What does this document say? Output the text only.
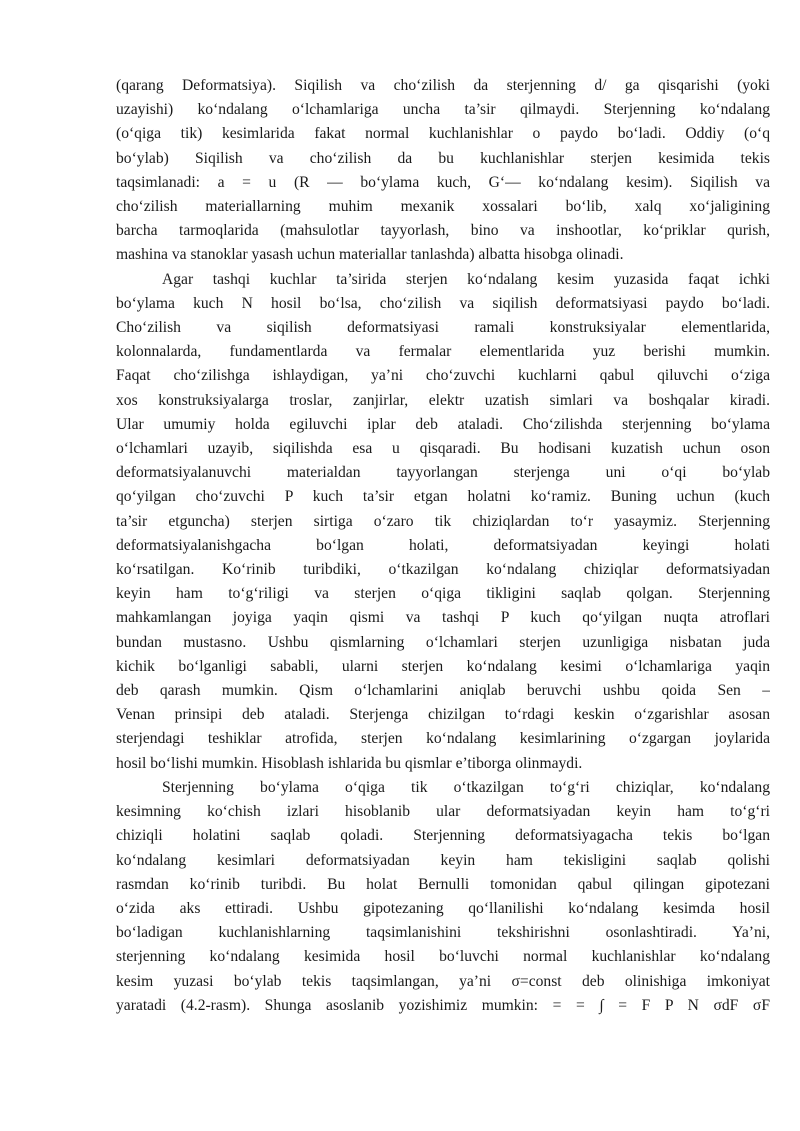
(qarang Deformatsiya). Siqilish va cho‘zilish da sterjenning d/ ga qisqarishi (yoki
uzayishi) ko‘ndalang o‘lchamlariga uncha ta’sir qilmaydi. Sterjenning ko‘ndalang
(o‘qiga tik) kesimlarida fakat normal kuchlanishlar o paydo bo‘ladi. Oddiy (o‘q
bo‘ylab) Siqilish va cho‘zilish da bu kuchlanishlar sterjen kesimida tekis
taqsimlanadi: a = u (R — bo‘ylama kuch, G‘— ko‘ndalang kesim). Siqilish va
cho‘zilish materiallarning muhim mexanik xossalari bo‘lib, xalq xo‘jaligining
barcha tarmoqlarida (mahsulotlar tayyorlash, bino va inshootlar, ko‘priklar qurish,
mashina va stanoklar yasash uchun materiallar tanlashda) albatta hisobga olinadi.
Agar tashqi kuchlar ta’sirida sterjen ko‘ndalang kesim yuzasida faqat ichki
bo‘ylama kuch N hosil bo‘lsa, cho‘zilish va siqilish deformatsiyasi paydo bo‘ladi.
Cho‘zilish va siqilish deformatsiyasi ramali konstruksiyalar elementlarida,
kolonnalarda, fundamentlarda va fermalar elementlarida yuz berishi mumkin.
Faqat cho‘zilishga ishlaydigan, ya’ni cho‘zuvchi kuchlarni qabul qiluvchi o‘ziga
xos konstruksiyalarga troslar, zanjirlar, elektr uzatish simlari va boshqalar kiradi.
Ular umumiy holda egiluvchi iplar deb ataladi. Cho‘zilishda sterjenning bo‘ylama
o‘lchamlari uzayib, siqilishda esa u qisqaradi. Bu hodisani kuzatish uchun oson
deformatsiyalanuvchi materialdan tayyorlangan sterjenga uni o‘qi bo‘ylab
qo‘yilgan cho‘zuvchi P kuch ta’sir etgan holatni ko‘ramiz. Buning uchun (kuch
ta’sir etguncha) sterjen sirtiga o‘zaro tik chiziqlardan to‘r yasaymiz. Sterjenning
deformatsiyalanishgacha bo‘lgan holati, deformatsiyadan keyingi holati
ko‘rsatilgan. Ko‘rinib turibdiki, o‘tkazilgan ko‘ndalang chiziqlar deformatsiyadan
keyin ham to‘g‘riligi va sterjen o‘qiga tikligini saqlab qolgan. Sterjenning
mahkamlangan joyiga yaqin qismi va tashqi P kuch qo‘yilgan nuqta atroflari
bundan mustasno. Ushbu qismlarning o‘lchamlari sterjen uzunligiga nisbatan juda
kichik bo‘lganligi sababli, ularni sterjen ko‘ndalang kesimi o‘lchamlariga yaqin
deb qarash mumkin. Qism o‘lchamlarini aniqlab beruvchi ushbu qoida Sen –
Venan prinsipi deb ataladi. Sterjenga chizilgan to‘rdagi keskin o‘zgarishlar asosan
sterjendagi teshiklar atrofida, sterjen ko‘ndalang kesimlarining o‘zgargan joylarida
hosil bo‘lishi mumkin. Hisoblash ishlarida bu qismlar e’tiborga olinmaydi.
Sterjenning bo‘ylama o‘qiga tik o‘tkazilgan to‘g‘ri chiziqlar, ko‘ndalang
kesimning ko‘chish izlari hisoblanib ular deformatsiyadan keyin ham to‘g‘ri
chiziqli holatini saqlab qoladi. Sterjenning deformatsiyagacha tekis bo‘lgan
ko‘ndalang kesimlari deformatsiyadan keyin ham tekisligini saqlab qolishi
rasmdan ko‘rinib turibdi. Bu holat Bernulli tomonidan qabul qilingan gipotezani
o‘zida aks ettiradi. Ushbu gipotezaning qo‘llanilishi ko‘ndalang kesimda hosil
bo‘ladigan kuchlanishlarning taqsimlanishini tekshirishni osonlashtiradi. Ya’ni,
sterjenning ko‘ndalang kesimida hosil bo‘luvchi normal kuchlanishlar ko‘ndalang
kesim yuzasi bo‘ylab tekis taqsimlangan, ya’ni σ=const deb olinishiga imkoniyat
yaratadi (4.2-rasm). Shunga asoslanib yozishimiz mumkin: = = ∫ = F P N σdF σF
